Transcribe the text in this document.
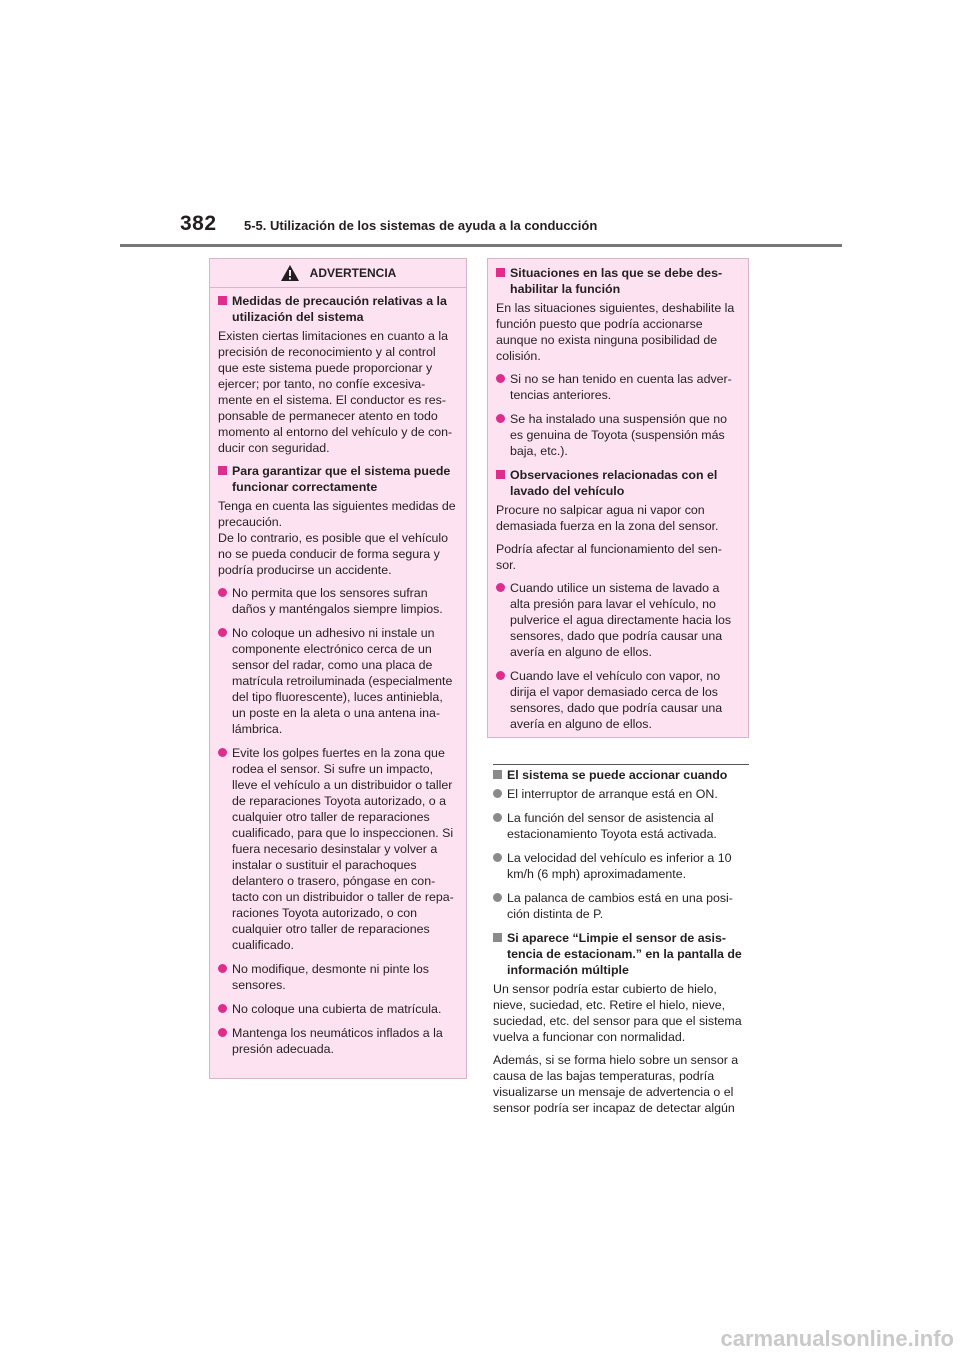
382 5-5. Utilización de los sistemas de ayuda a la conducción
ADVERTENCIA
Medidas de precaución relativas a la utilización del sistema

Existen ciertas limitaciones en cuanto a la precisión de reconocimiento y al control que este sistema puede proporcionar y ejercer; por tanto, no confíe excesiva-mente en el sistema. El conductor es res-ponsable de permanecer atento en todo momento al entorno del vehículo y de con-ducir con seguridad.

Para garantizar que el sistema puede funcionar correctamente

Tenga en cuenta las siguientes medidas de precaución.
De lo contrario, es posible que el vehículo no se pueda conducir de forma segura y podría producirse un accidente.

No permita que los sensores sufran daños y manténgalos siempre limpios.
No coloque un adhesivo ni instale un componente electrónico cerca de un sensor del radar, como una placa de matrícula retroiluminada (especialmente del tipo fluorescente), luces antiniebla, un poste en la aleta o una antena ina-lámbrica.
Evite los golpes fuertes en la zona que rodea el sensor. Si sufre un impacto, lleve el vehículo a un distribuidor o taller de reparaciones Toyota autorizado, o a cualquier otro taller de reparaciones cualificado, para que lo inspeccionen. Si fuera necesario desinstalar y volver a instalar o sustituir el parachoques delantero o trasero, póngase en con-tacto con un distribuidor o taller de repa-raciones Toyota autorizado, o con cualquier otro taller de reparaciones cualificado.
No modifique, desmonte ni pinte los sensores.
No coloque una cubierta de matrícula.
Mantenga los neumáticos inflados a la presión adecuada.
Situaciones en las que se debe des-habilitar la función

En las situaciones siguientes, deshabilite la función puesto que podría accionarse aunque no exista ninguna posibilidad de colisión.

Si no se han tenido en cuenta las adver-tencias anteriores.
Se ha instalado una suspensión que no es genuina de Toyota (suspensión más baja, etc.).
Observaciones relacionadas con el lavado del vehículo

Procure no salpicar agua ni vapor con demasiada fuerza en la zona del sensor.

Podría afectar al funcionamiento del sen-sor.

Cuando utilice un sistema de lavado a alta presión para lavar el vehículo, no pulverice el agua directamente hacia los sensores, dado que podría causar una avería en alguno de ellos.
Cuando lave el vehículo con vapor, no dirija el vapor demasiado cerca de los sensores, dado que podría causar una avería en alguno de ellos.
El sistema se puede accionar cuando
El interruptor de arranque está en ON.
La función del sensor de asistencia al estacionamiento Toyota está activada.
La velocidad del vehículo es inferior a 10 km/h (6 mph) aproximadamente.
La palanca de cambios está en una posi-ción distinta de P.
Si aparece “Limpie el sensor de asis-tencia de estacionam.” en la pantalla de información múltiple

Un sensor podría estar cubierto de hielo, nieve, suciedad, etc. Retire el hielo, nieve, suciedad, etc. del sensor para que el sistema vuelva a funcionar con normalidad.

Además, si se forma hielo sobre un sensor a causa de las bajas temperaturas, podría visualizarse un mensaje de advertencia o el sensor podría ser incapaz de detectar algún

carmanualsonline.info
